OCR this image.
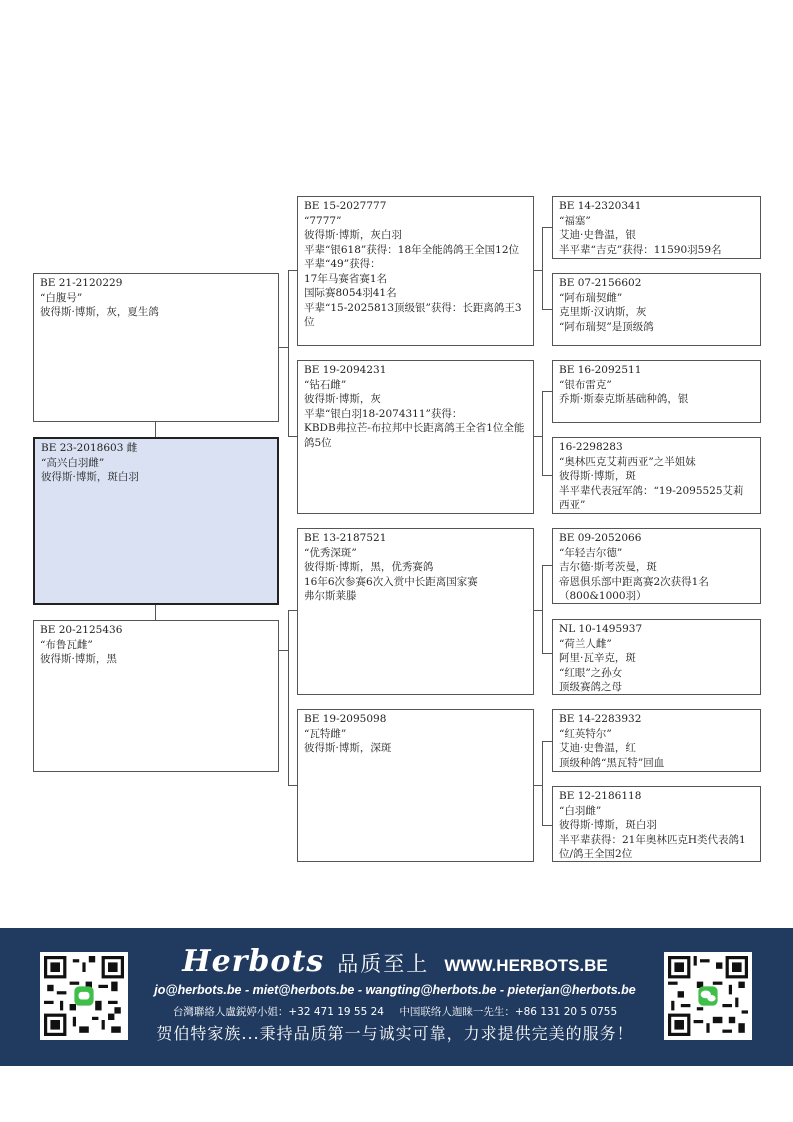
BE 21-2120229
“白腹号”
彼得斯·博斯，灰，夏生鸽
BE 23-2018603 雌
“高兴白羽雌”
彼得斯·博斯，斑白羽
BE 20-2125436
“布鲁瓦雌”
彼得斯·博斯，黑
BE 15-2027777
“7777”
彼得斯·博斯，灰白羽
平辈“银618”获得：18年全能鸽鸽王全国12位
平辈“49”获得：
17年马赛省赛1名
国际赛8054羽41名
平辈“15-2025813顶级银”获得：长距离鸽王3位
BE 19-2094231
“钻石雌”
彼得斯·博斯，灰
平辈“银白羽18-2074311”获得：
KBDB弗拉芒-布拉邦中长距离鸽王全省1位全能鸽5位
BE 13-2187521
“优秀深斑”
彼得斯·博斯，黑，优秀赛鸽
16年6次参赛6次入赏中长距离国家赛
弗尔斯莱滕
BE 19-2095098
“瓦特雌”
彼得斯·博斯，深斑
BE 14-2320341
“福塞”
艾迪·史鲁温，银
半平辈“吉克”获得：11590羽59名
BE 07-2156602
“阿布瑞契雌”
克里斯·汉讷斯，灰
“阿布瑞契”是顶级鸽
BE 16-2092511
“银布雷克”
乔斯·斯泰克斯基础种鸽，银
16-2298283
“奥林匹克艾莉西亚”之半姐妹
彼得斯·博斯，斑
半平辈代表冠军鸽：“19-2095525艾莉西亚”
BE 09-2052066
“年轻吉尔德”
吉尔德·斯考茨曼，斑
帝恩俱乐部中距离赛2次获得1名（800&1000羽）
NL 10-1495937
“荷兰人雌”
阿里·瓦辛克，斑
“红眼”之孙女
顶级赛鸽之母
BE 14-2283932
“红英特尔”
艾迪·史鲁温，红
顶级种鸽“黑瓦特”回血
BE 12-2186118
“白羽雌”
彼得斯·博斯，斑白羽
半平辈获得：21年奥林匹克H类代表鸽1位/鸽王全国2位
Herbots 品质至上 WWW.HERBOTS.BE
jo@herbots.be - miet@herbots.be - wangting@herbots.be - pieterjan@herbots.be
台灣聯絡人盧鋭婷小姐：+32 471 19 55 24 中国联络人迦睐一先生：+86 131 20 5 0755
贺伯特家族...秉持品质第一与诚实可靠，力求提供完美的服务！
